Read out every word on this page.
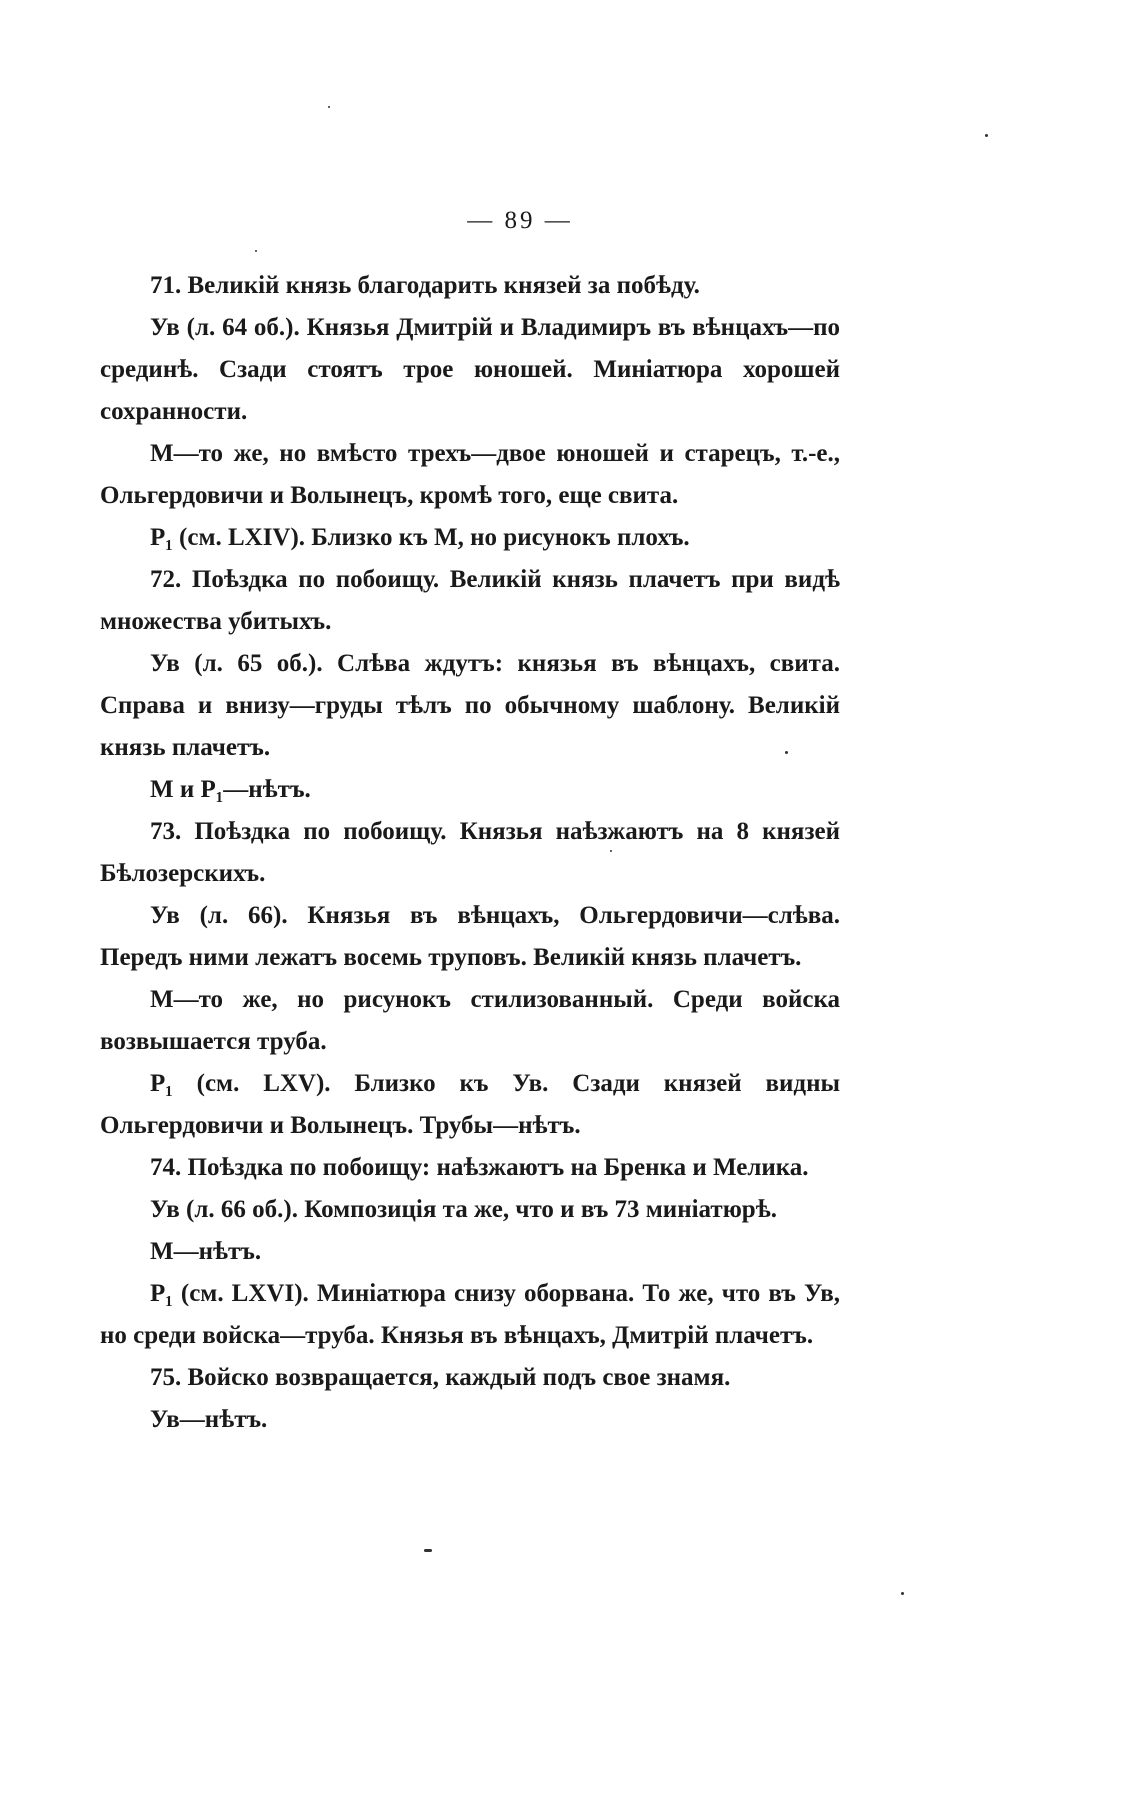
— 89 —

71. Великій князь благодарить князей за побѣду.

Ув (л. 64 об.). Князья Дмитрій и Владимиръ въ вѣнцахъ—по срединѣ. Сзади стоятъ трое юношей. Миніатюра хорошей сохранности.

М—то же, но вмѣсто трехъ—двое юношей и старецъ, т.-е., Ольгердовичи и Волынецъ, кромѣ того, еще свита.

Р₁ (см. LXIV). Близко къ М, но рисунокъ плохъ.

72. Поѣздка по побоищу. Великій князь плачетъ при видѣ множества убитыхъ.

Ув (л. 65 об.). Слѣва ждутъ: князья въ вѣнцахъ, свита. Справа и внизу—груды тѣлъ по обычному шаблону. Великій князь плачетъ.

М и Р₁—нѣтъ.

73. Поѣздка по побоищу. Князья наѣзжаютъ на 8 князей Бѣлозерскихъ.

Ув (л. 66). Князья въ вѣнцахъ, Ольгердовичи—слѣва. Передъ ними лежатъ восемь труповъ. Великій князь плачетъ.

М—то же, но рисунокъ стилизованный. Среди войска возвышается труба.

Р₁ (см. LXV). Близко къ Ув. Сзади князей видны Ольгердовичи и Волынецъ. Трубы—нѣтъ.

74. Поѣздка по побоищу: наѣзжаютъ на Бренка и Мелика.

Ув (л. 66 об.). Композиція та же, что и въ 73 миніатюрѣ.

М—нѣтъ.

Р₁ (см. LXVI). Миніатюра снизу оборвана. То же, что въ Ув, но среди войска—труба. Князья въ вѣнцахъ, Дмитрій плачетъ.

75. Войско возвращается, каждый подъ свое знамя.

Ув—нѣтъ.
